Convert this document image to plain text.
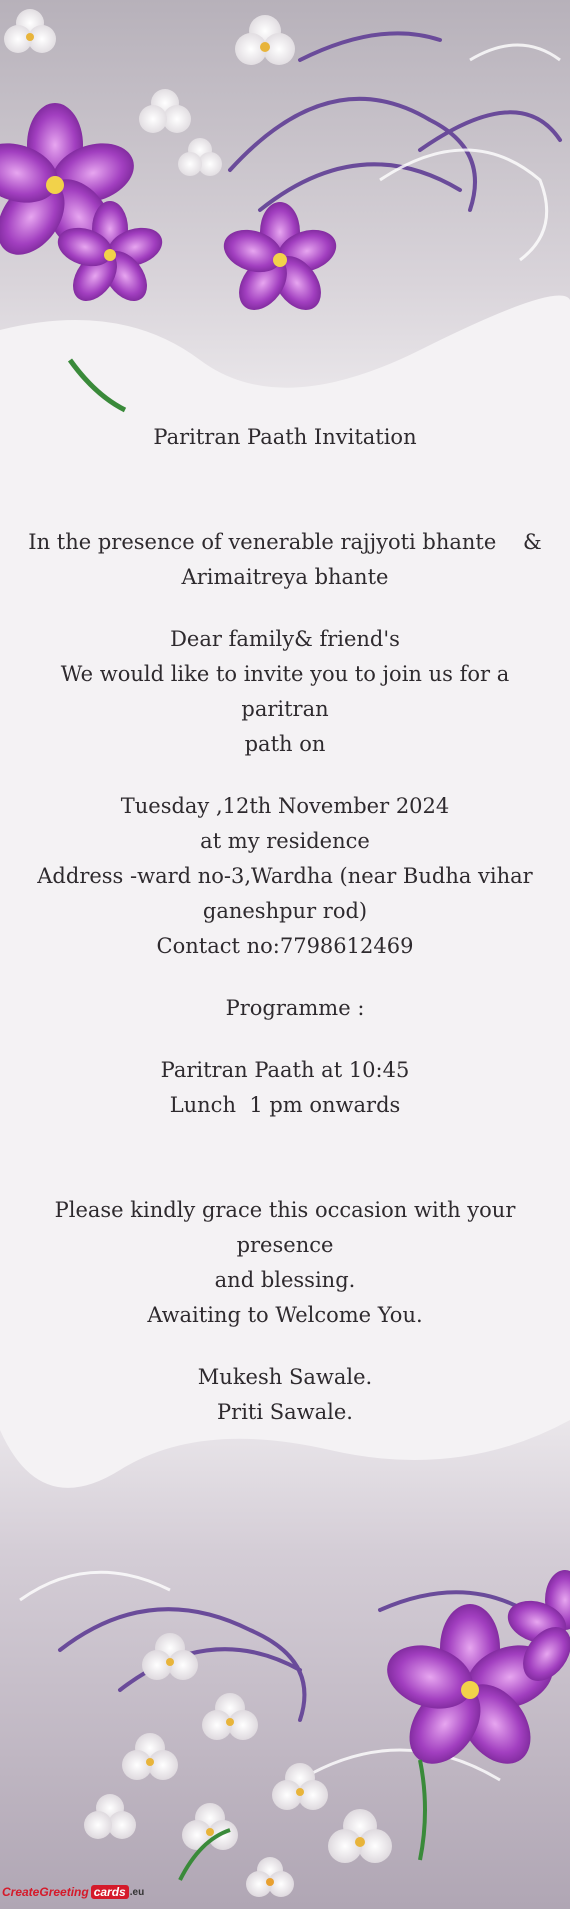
Paritran Paath Invitation

In the presence of venerable rajjyoti bhante    &

Arimaitreya bhante

Dear family& friend's

We would like to invite you to join us for a paritran

path on

Tuesday ,12th November 2024

at my residence

Address -ward no-3,Wardha (near Budha vihar

ganeshpur rod)

Contact no:7798612469

Programme :

Paritran Paath at 10:45

Lunch  1 pm onwards

Please kindly grace this occasion with your presence

and blessing.

Awaiting to Welcome You.

Mukesh Sawale.

Priti Sawale.

CreateGreeting cards .eu
